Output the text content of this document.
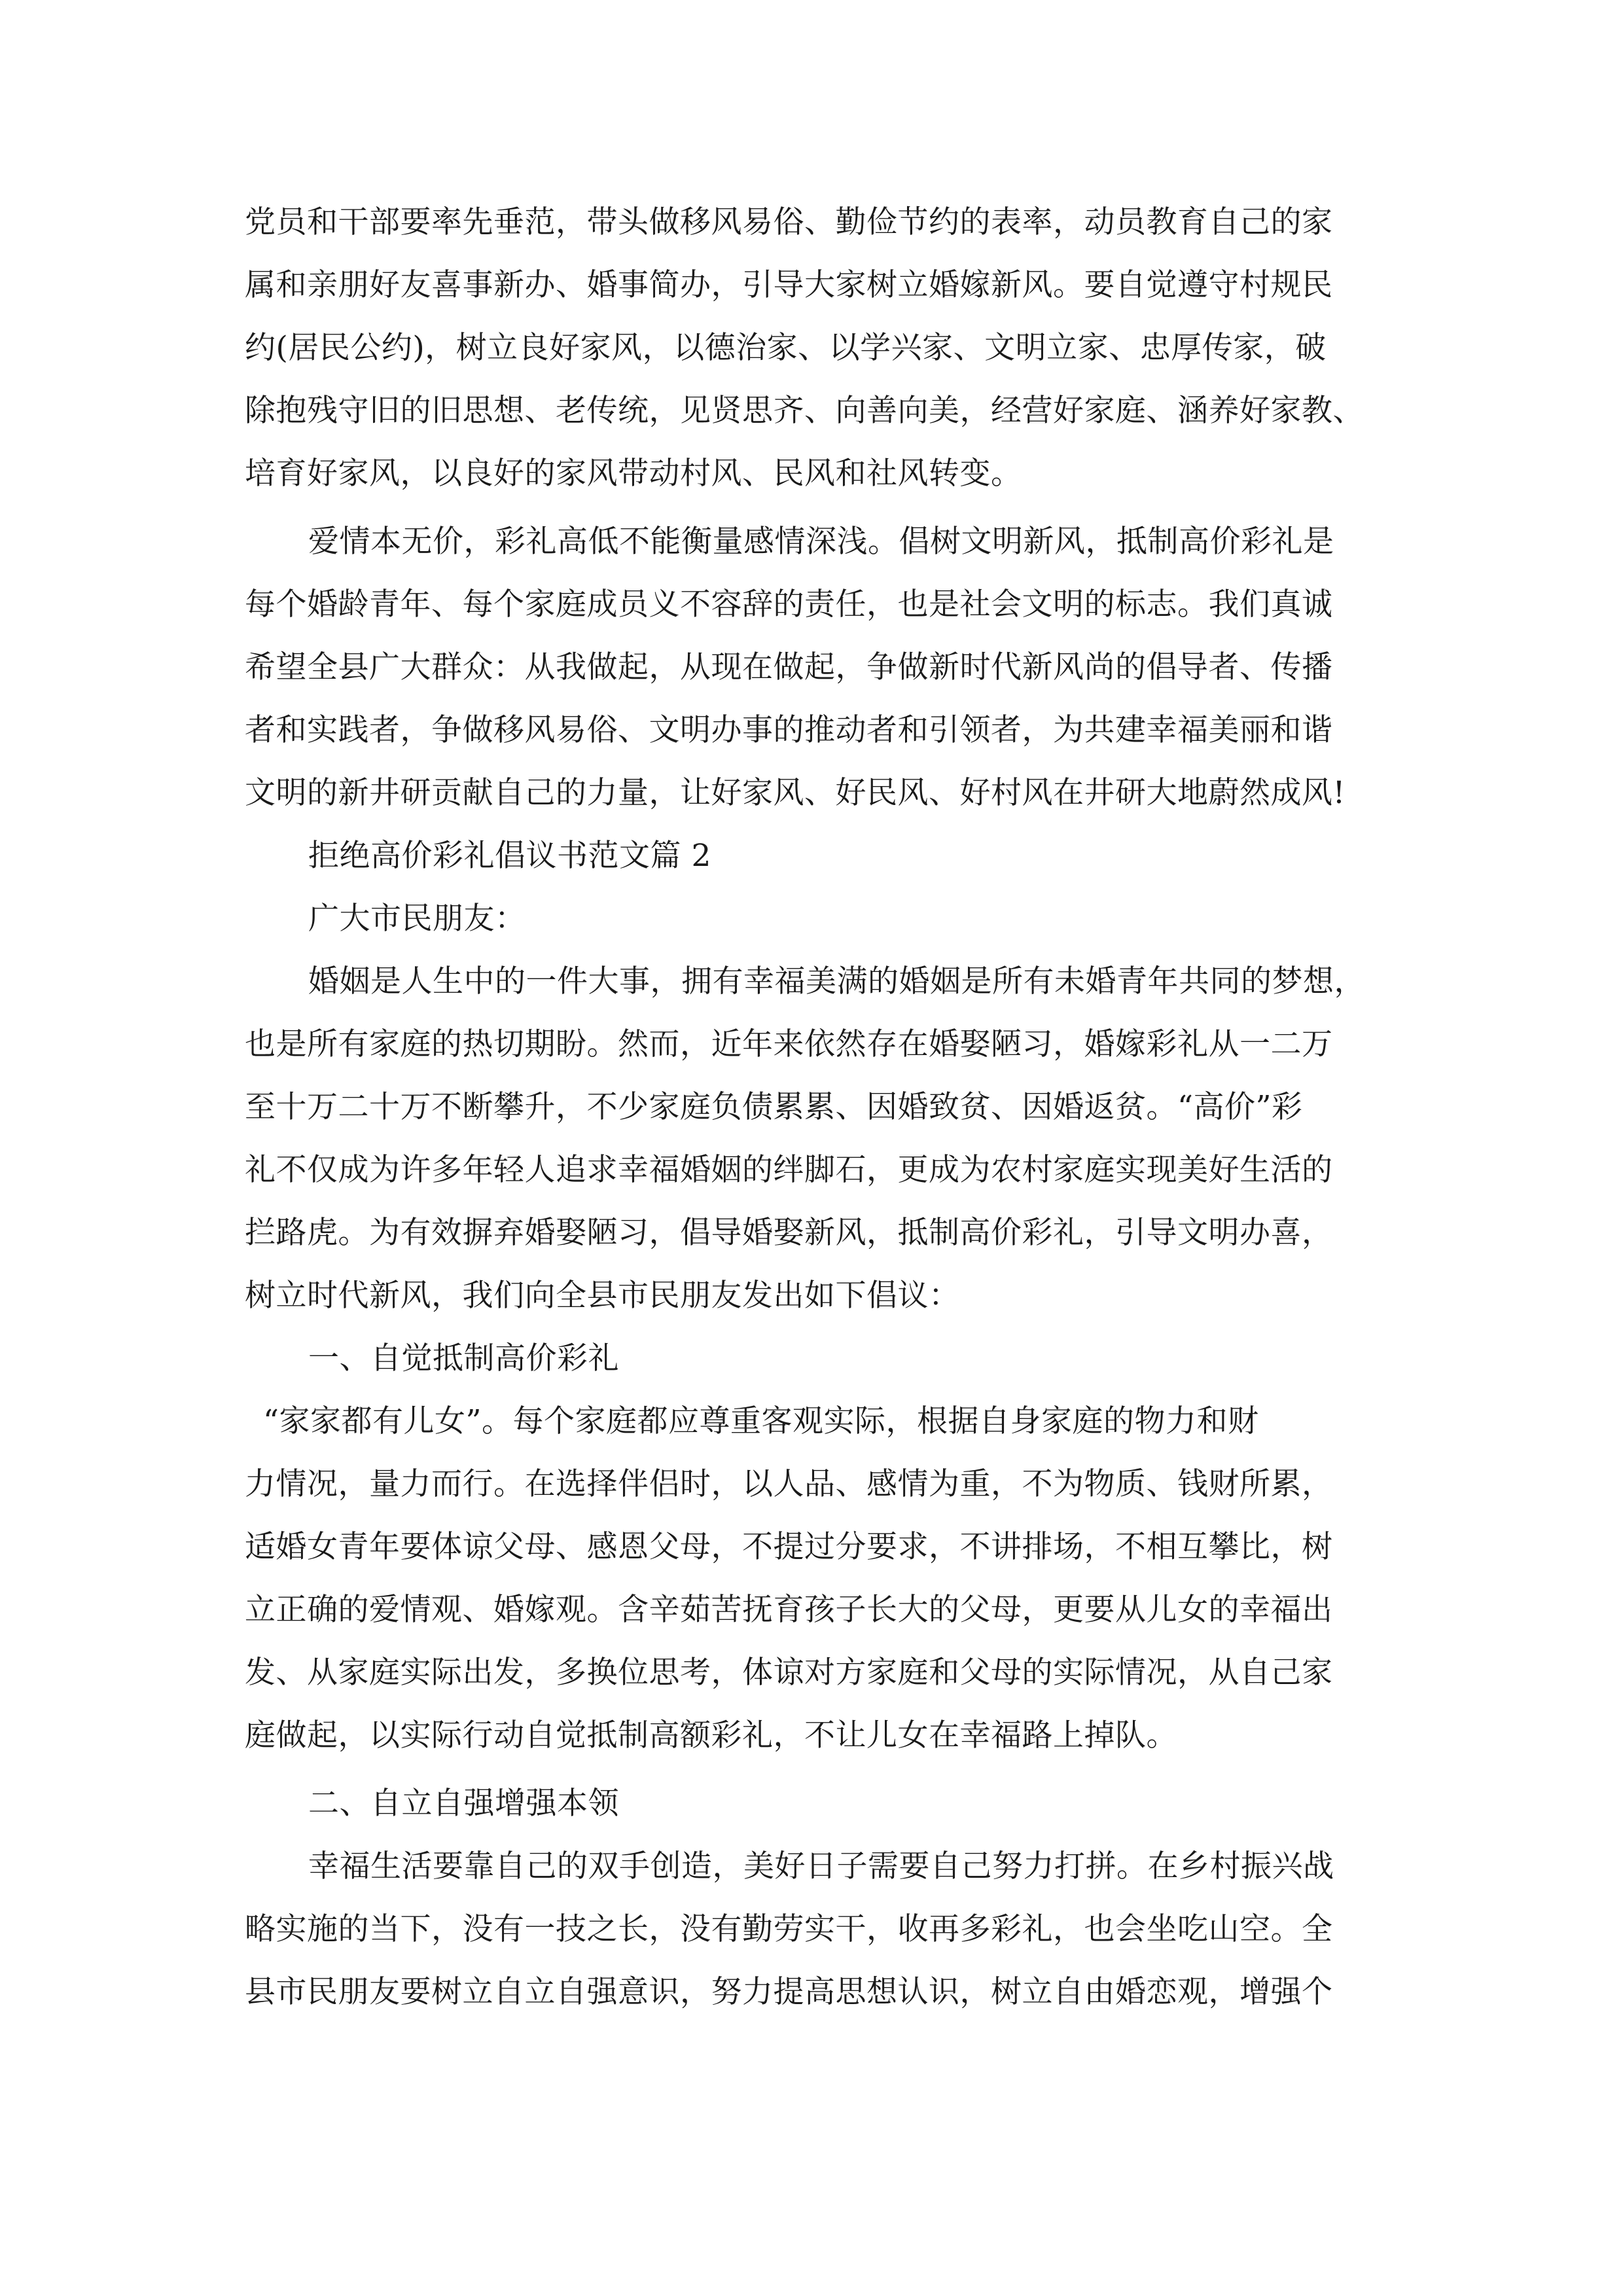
党员和干部要率先垂范，带头做移风易俗、勤俭节约的表率，动员教育自己的家
属和亲朋好友喜事新办、婚事简办，引导大家树立婚嫁新风。要自觉遵守村规民
约(居民公约)，树立良好家风，以德治家、以学兴家、文明立家、忠厚传家，破
除抱残守旧的旧思想、老传统，见贤思齐、向善向美，经营好家庭、涵养好家教、
培育好家风，以良好的家风带动村风、民风和社风转变。
爱情本无价，彩礼高低不能衡量感情深浅。倡树文明新风，抵制高价彩礼是
每个婚龄青年、每个家庭成员义不容辞的责任，也是社会文明的标志。我们真诚
希望全县广大群众：从我做起，从现在做起，争做新时代新风尚的倡导者、传播
者和实践者，争做移风易俗、文明办事的推动者和引领者，为共建幸福美丽和谐
文明的新井研贡献自己的力量，让好家风、好民风、好村风在井研大地蔚然成风!
拒绝高价彩礼倡议书范文篇 2
广大市民朋友：
婚姻是人生中的一件大事，拥有幸福美满的婚姻是所有未婚青年共同的梦想，
也是所有家庭的热切期盼。然而，近年来依然存在婚娶陋习，婚嫁彩礼从一二万
至十万二十万不断攀升，不少家庭负债累累、因婚致贫、因婚返贫。“高价”彩
礼不仅成为许多年轻人追求幸福婚姻的绊脚石，更成为农村家庭实现美好生活的
拦路虎。为有效摒弃婚娶陋习，倡导婚娶新风，抵制高价彩礼，引导文明办喜，
树立时代新风，我们向全县市民朋友发出如下倡议：
一、自觉抵制高价彩礼
“家家都有儿女”。每个家庭都应尊重客观实际，根据自身家庭的物力和财
力情况，量力而行。在选择伴侣时，以人品、感情为重，不为物质、钱财所累，
适婚女青年要体谅父母、感恩父母，不提过分要求，不讲排场，不相互攀比，树
立正确的爱情观、婚嫁观。含辛茹苦抚育孩子长大的父母，更要从儿女的幸福出
发、从家庭实际出发，多换位思考，体谅对方家庭和父母的实际情况，从自己家
庭做起，以实际行动自觉抵制高额彩礼，不让儿女在幸福路上掉队。
二、自立自强增强本领
幸福生活要靠自己的双手创造，美好日子需要自己努力打拼。在乡村振兴战
略实施的当下，没有一技之长，没有勤劳实干，收再多彩礼，也会坐吃山空。全
县市民朋友要树立自立自强意识，努力提高思想认识，树立自由婚恋观，增强个
